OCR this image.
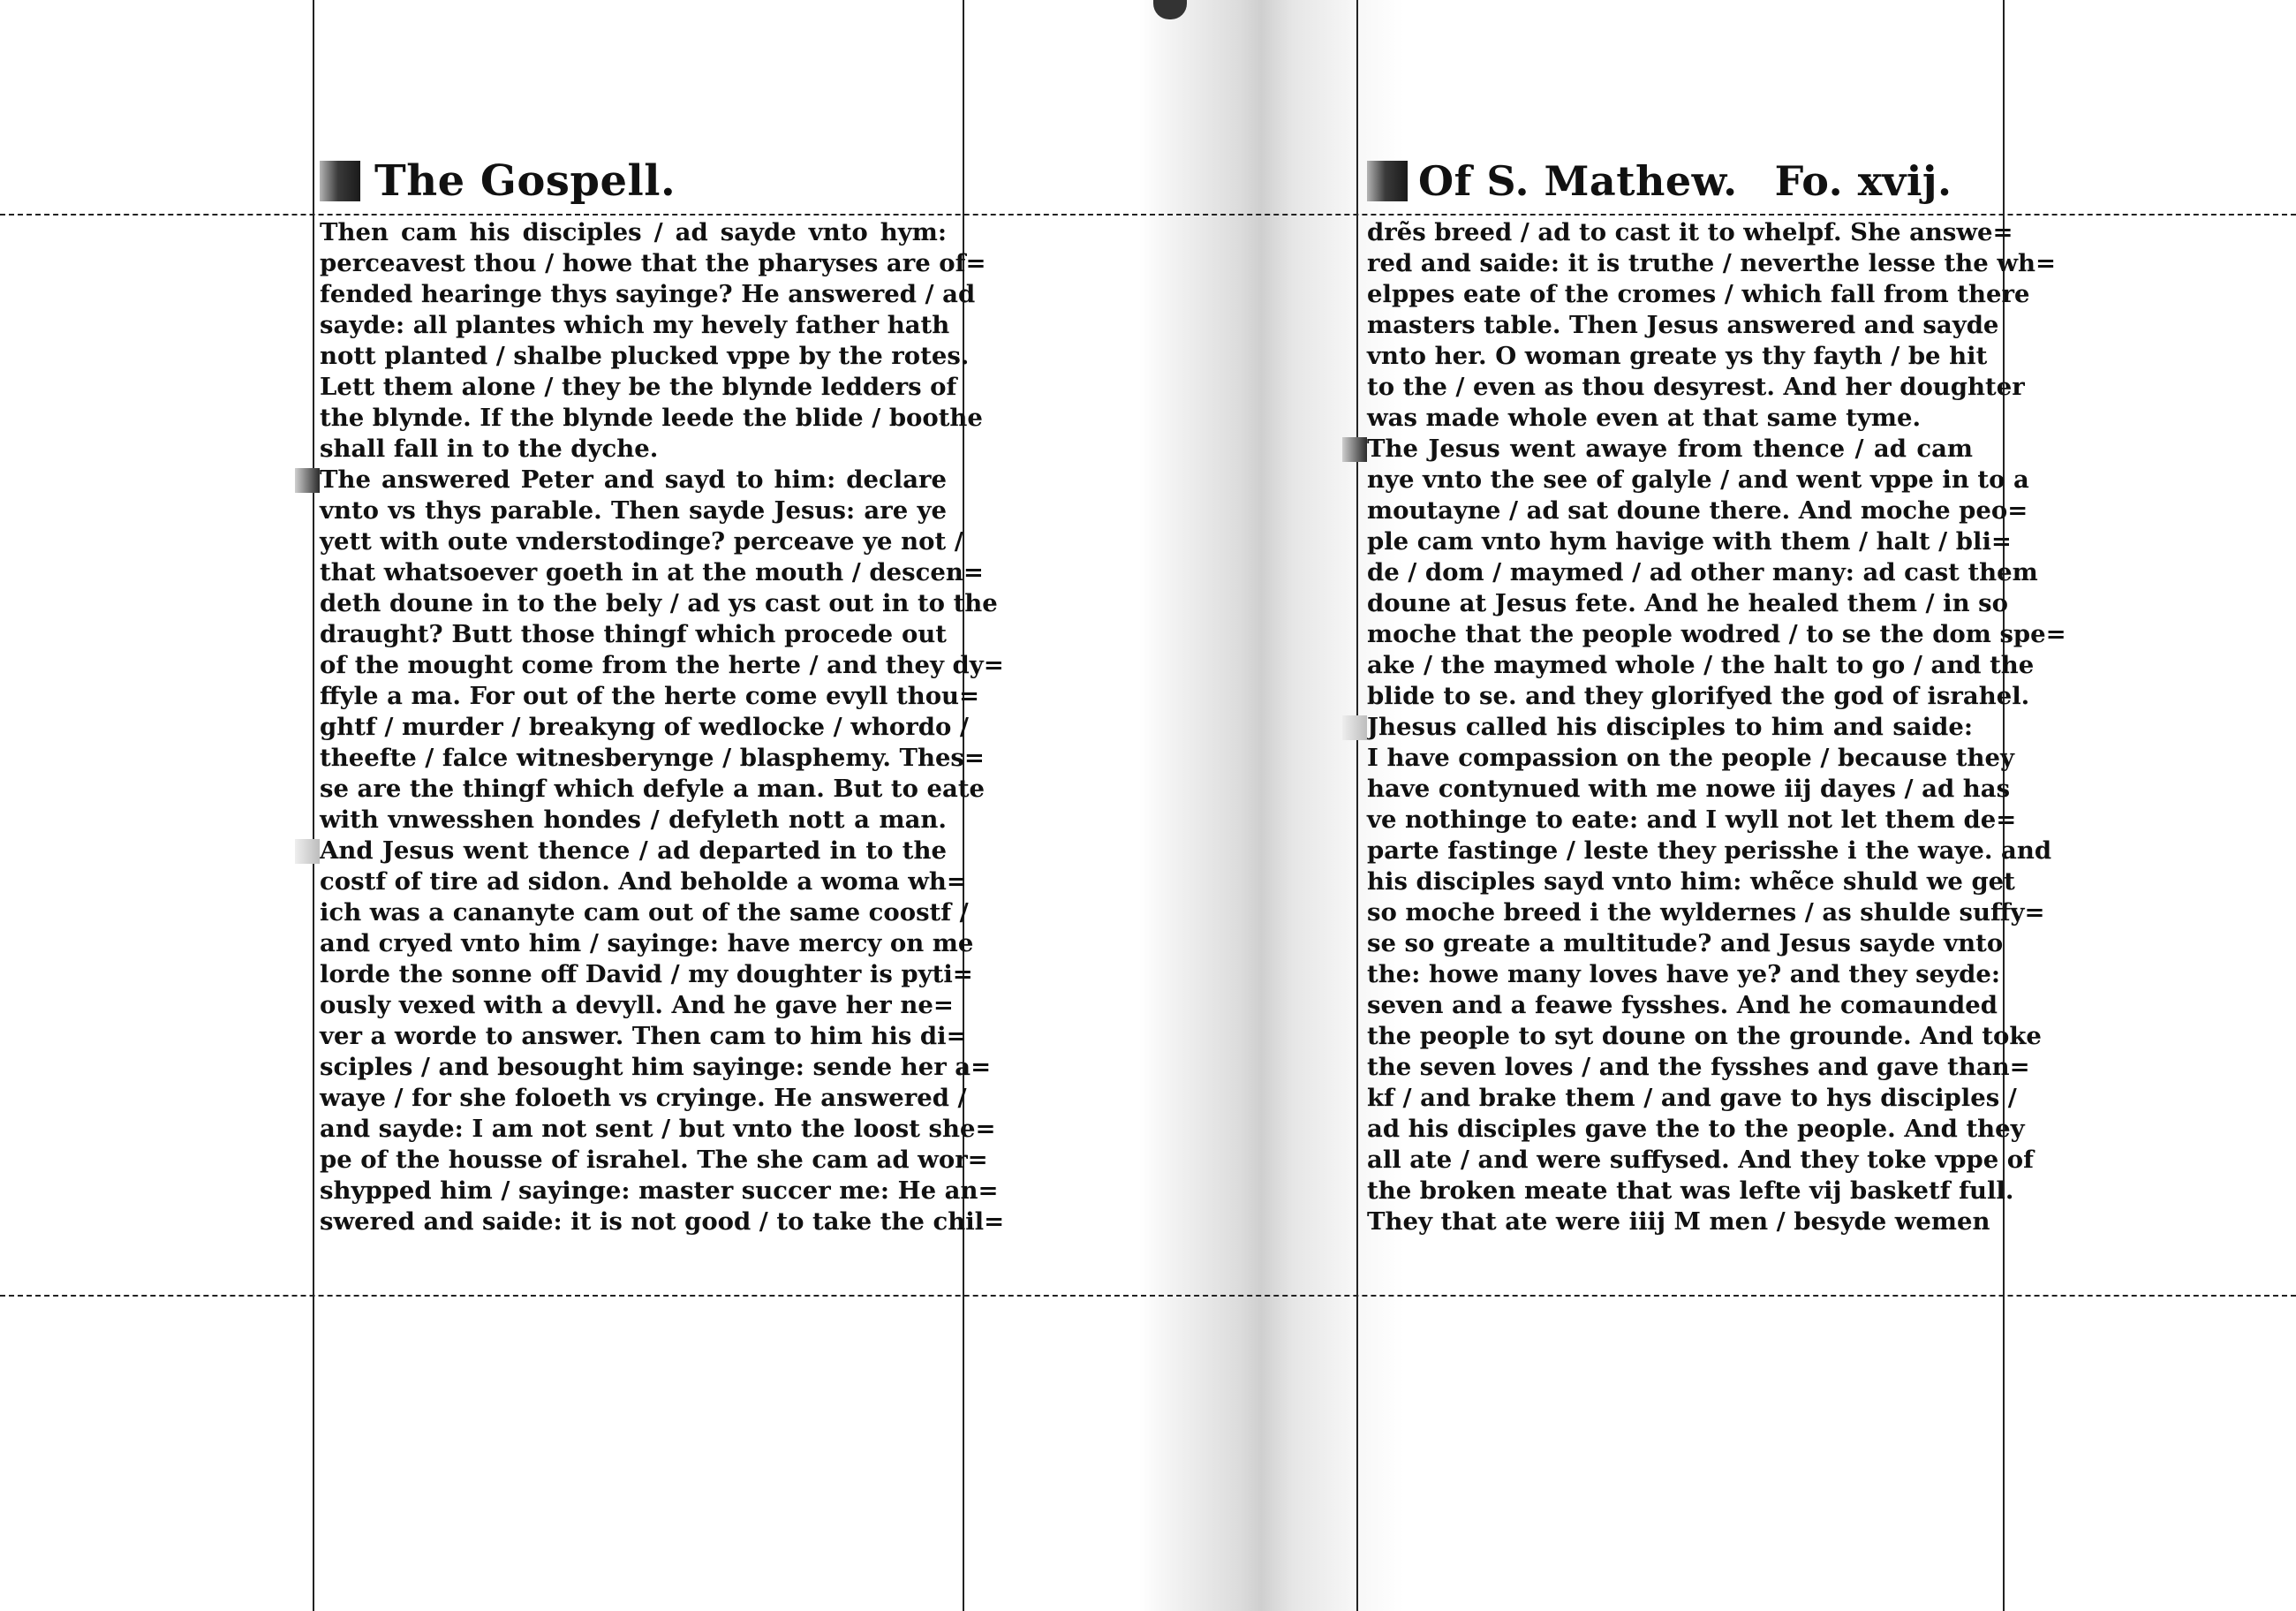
The Gospell.
Then cam his disciples / ad sayde vnto hym:
perceavest thou / howe that the pharyses are of=
fended hearinge thys sayinge? He answered / ad
sayde: all plantes which my hevely father hath
nott planted / shalbe plucked vppe by the rotes.
Lett them alone / they be the blynde ledders of
the blynde. If the blynde leede the blide / boothe
shall fall in to the dyche.
The answered Peter and sayd to him: declare
vnto vs thys parable. Then sayde Jesus: are ye
yett with oute vnderstodinge? perceave ye not /
that whatsoever goeth in at the mouth / descen=
deth doune in to the bely / ad ys cast out in to the
draught? Butt those thingf which procede out
of the mought come from the herte / and they dy=
ffyle a ma. For out of the herte come evyll thou=
ghtf / murder / breakyng of wedlocke / whordo /
theefte / falce witnesberynge / blasphemy. Thes=
se are the thingf which defyle a man. But to eate
with vnwesshen hondes / defyleth nott a man.
And Jesus went thence / ad departed in to the
costf of tire ad sidon. And beholde a woma wh=
ich was a cananyte cam out of the same coostf /
and cryed vnto him / sayinge: have mercy on me
lorde the sonne off David / my doughter is pyti=
ously vexed with a devyll. And he gave her ne=
ver a worde to answer. Then cam to him his di=
sciples / and besought him sayinge: sende her a=
waye / for she foloeth vs cryinge. He answered /
and sayde: I am not sent / but vnto the loost she=
pe of the housse of israhel. The she cam ad wor=
shypped him / sayinge: master succer me: He an=
swered and saide: it is not good / to take the chil=
Of S. Mathew. Fo. xvij.
drẽs breed / ad to cast it to whelpf. She answe=
red and saide: it is truthe / neverthe lesse the wh=
elppes eate of the cromes / which fall from there
masters table. Then Jesus answered and sayde
vnto her. O woman greate ys thy fayth / be hit
to the / even as thou desyrest. And her doughter
was made whole even at that same tyme.
The Jesus went awaye from thence / ad cam
nye vnto the see of galyle / and went vppe in to a
moutayne / ad sat doune there. And moche peo=
ple cam vnto hym havige with them / halt / bli=
de / dom / maymed / ad other many: ad cast them
doune at Jesus fete. And he healed them / in so
moche that the people wodred / to se the dom spe=
ake / the maymed whole / the halt to go / and the
blide to se. and they glorifyed the god of israhel.
Jhesus called his disciples to him and saide:
I have compassion on the people / because they
have contynued with me nowe iij dayes / ad has
ve nothinge to eate: and I wyll not let them de=
parte fastinge / leste they perisshe i the waye. and
his disciples sayd vnto him: whẽce shuld we get
so moche breed i the wyldernes / as shulde suffy=
se so greate a multitude? and Jesus sayde vnto
the: howe many loves have ye? and they seyde:
seven and a feawe fysshes. And he comaunded
the people to syt doune on the grounde. And toke
the seven loves / and the fysshes and gave than=
kf / and brake them / and gave to hys disciples /
ad his disciples gave the to the people. And they
all ate / and were suffysed. And they toke vppe of
the broken meate that was lefte vij basketf full.
They that ate were iiij M men / besyde wemen
